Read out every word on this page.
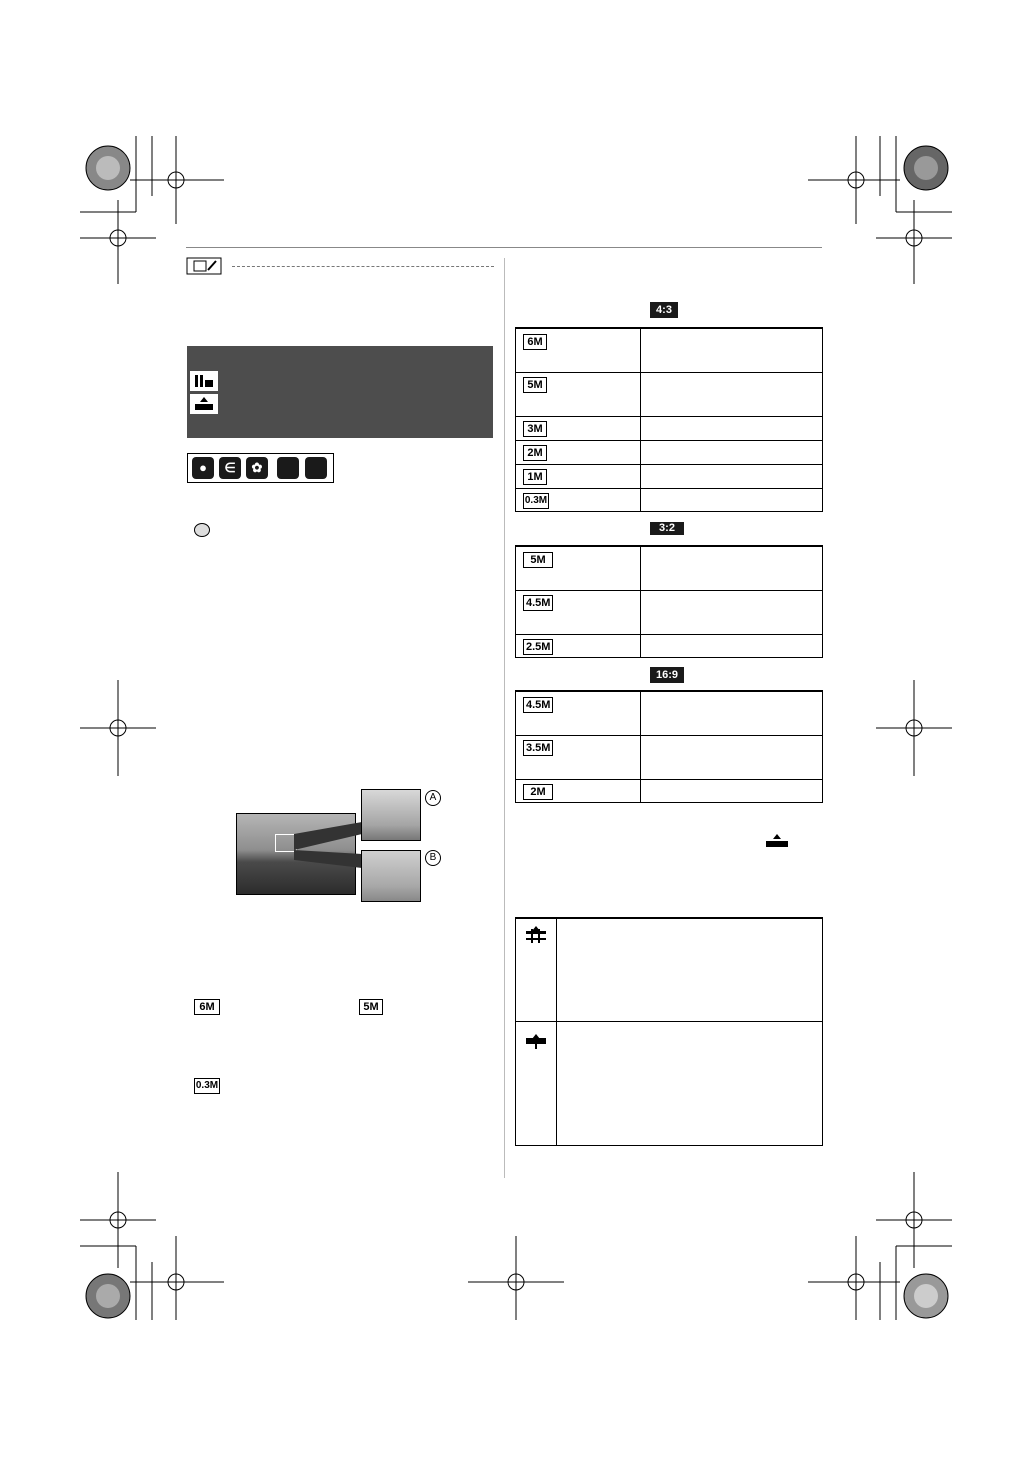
●	∈	✿
A
B
6M	5M
0.3M
4:3
3:2
16:9
6M
5M
3M
2M
1M
0.3M
5M
4.5M
2.5M
4.5M
3.5M
2M
